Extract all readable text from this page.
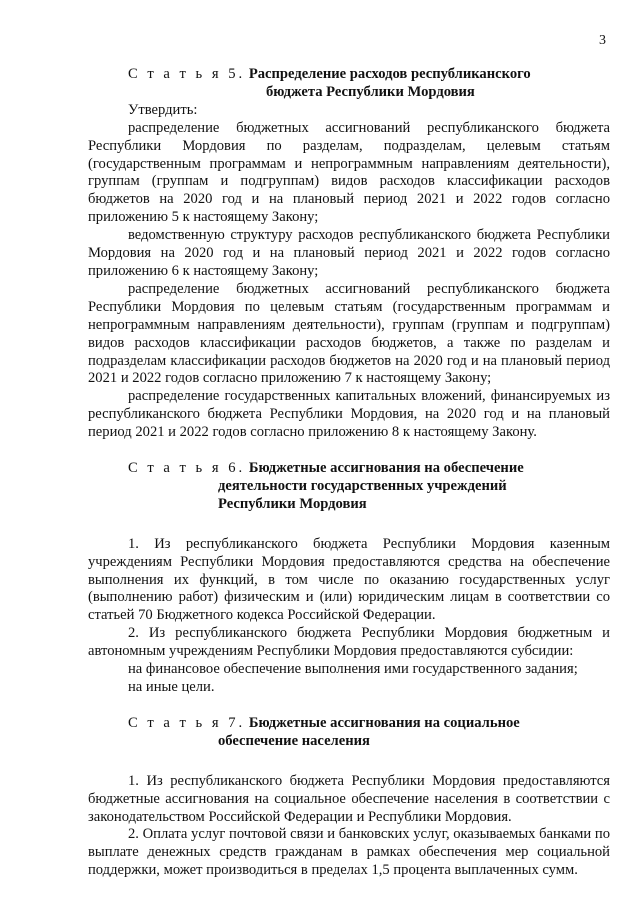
3
С т а т ь я 5. Распределение расходов республиканского
бюджета Республики Мордовия

Утвердить:

распределение бюджетных ассигнований республиканского бюджета Республики Мордовия по разделам, подразделам, целевым статьям (государственным программам и непрограммным направлениям деятельности), группам (группам и подгруппам) видов расходов классификации расходов бюджетов на 2020 год и на плановый период 2021 и 2022 годов согласно приложению 5 к настоящему Закону;

ведомственную структуру расходов республиканского бюджета Республики Мордовия на 2020 год и на плановый период 2021 и 2022 годов согласно приложению 6 к настоящему Закону;

распределение бюджетных ассигнований республиканского бюджета Республики Мордовия по целевым статьям (государственным программам и непрограммным направлениям деятельности), группам (группам и подгруппам) видов расходов классификации расходов бюджетов, а также по разделам и подразделам классификации расходов бюджетов на 2020 год и на плановый период 2021 и 2022 годов согласно приложению 7 к настоящему Закону;

распределение государственных капитальных вложений, финансируемых из республиканского бюджета Республики Мордовия, на 2020 год и на плановый период 2021 и 2022 годов согласно приложению 8 к настоящему Закону.

С т а т ь я 6. Бюджетные ассигнования на обеспечение
деятельности государственных учреждений
Республики Мордовия

1. Из республиканского бюджета Республики Мордовия казенным учреждениям Республики Мордовия предоставляются средства на обеспечение выполнения их функций, в том числе по оказанию государственных услуг (выполнению работ) физическим и (или) юридическим лицам в соответствии со статьей 70 Бюджетного кодекса Российской Федерации.

2. Из республиканского бюджета Республики Мордовия бюджетным и автономным учреждениям Республики Мордовия предоставляются субсидии:

на финансовое обеспечение выполнения ими государственного задания;

на иные цели.

С т а т ь я 7. Бюджетные ассигнования на социальное
обеспечение населения

1. Из республиканского бюджета Республики Мордовия предоставляются бюджетные ассигнования на социальное обеспечение населения в соответствии с законодательством Российской Федерации и Республики Мордовия.

2. Оплата услуг почтовой связи и банковских услуг, оказываемых банками по выплате денежных средств гражданам в рамках обеспечения мер социальной поддержки, может производиться в пределах 1,5 процента выплаченных сумм.
